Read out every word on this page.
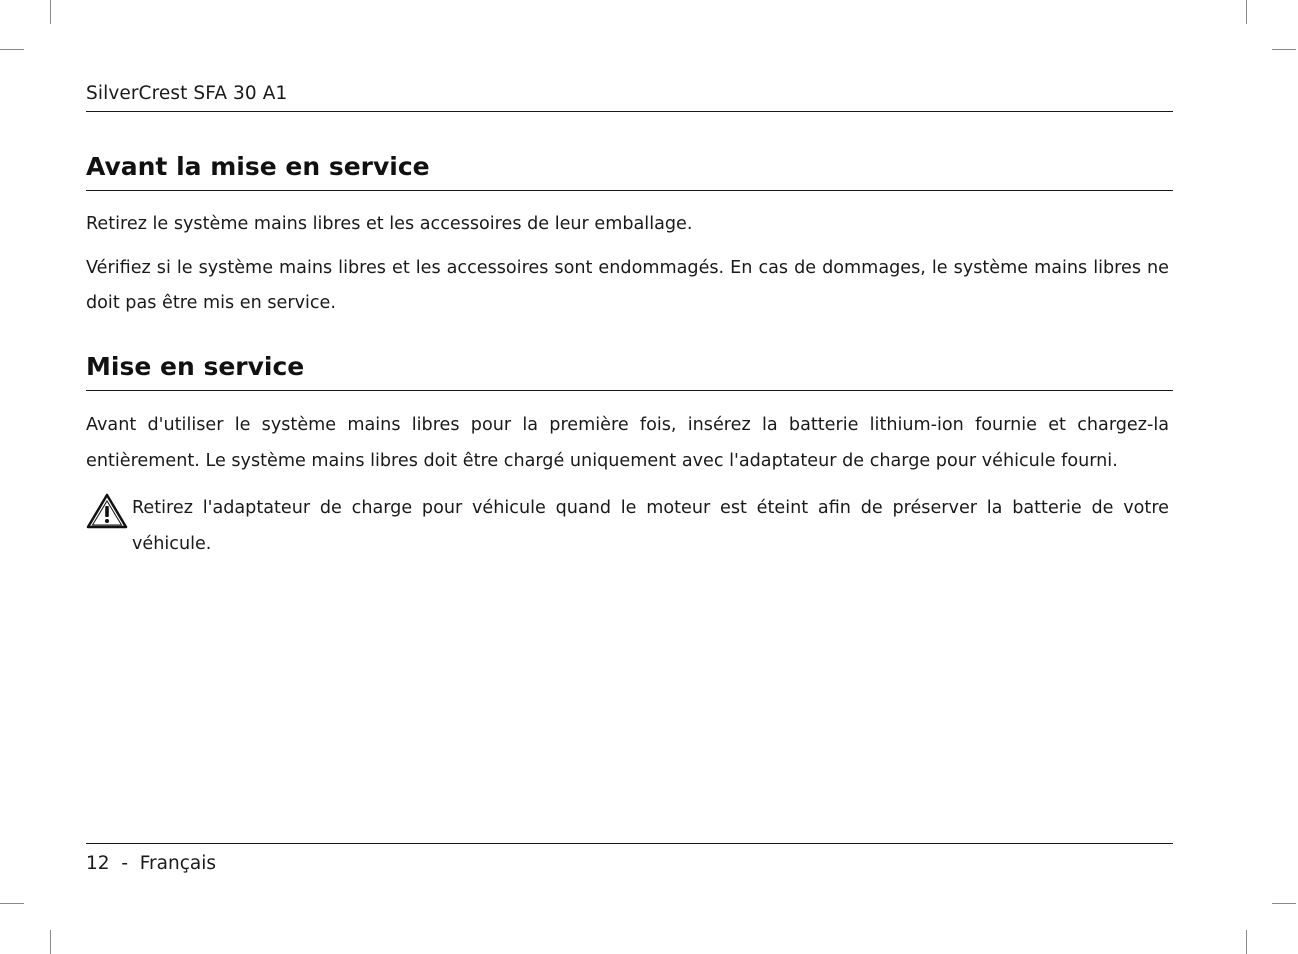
SilverCrest SFA 30 A1
Avant la mise en service

Retirez le système mains libres et les accessoires de leur emballage.

Vérifiez si le système mains libres et les accessoires sont endommagés. En cas de dommages, le système mains libres ne doit pas être mis en service.

Mise en service

Avant d'utiliser le système mains libres pour la première fois, insérez la batterie lithium-ion fournie et chargez-la entièrement. Le système mains libres doit être chargé uniquement avec l'adaptateur de charge pour véhicule fourni.

Retirez l'adaptateur de charge pour véhicule quand le moteur est éteint afin de préserver la batterie de votre véhicule.

12 - Français
